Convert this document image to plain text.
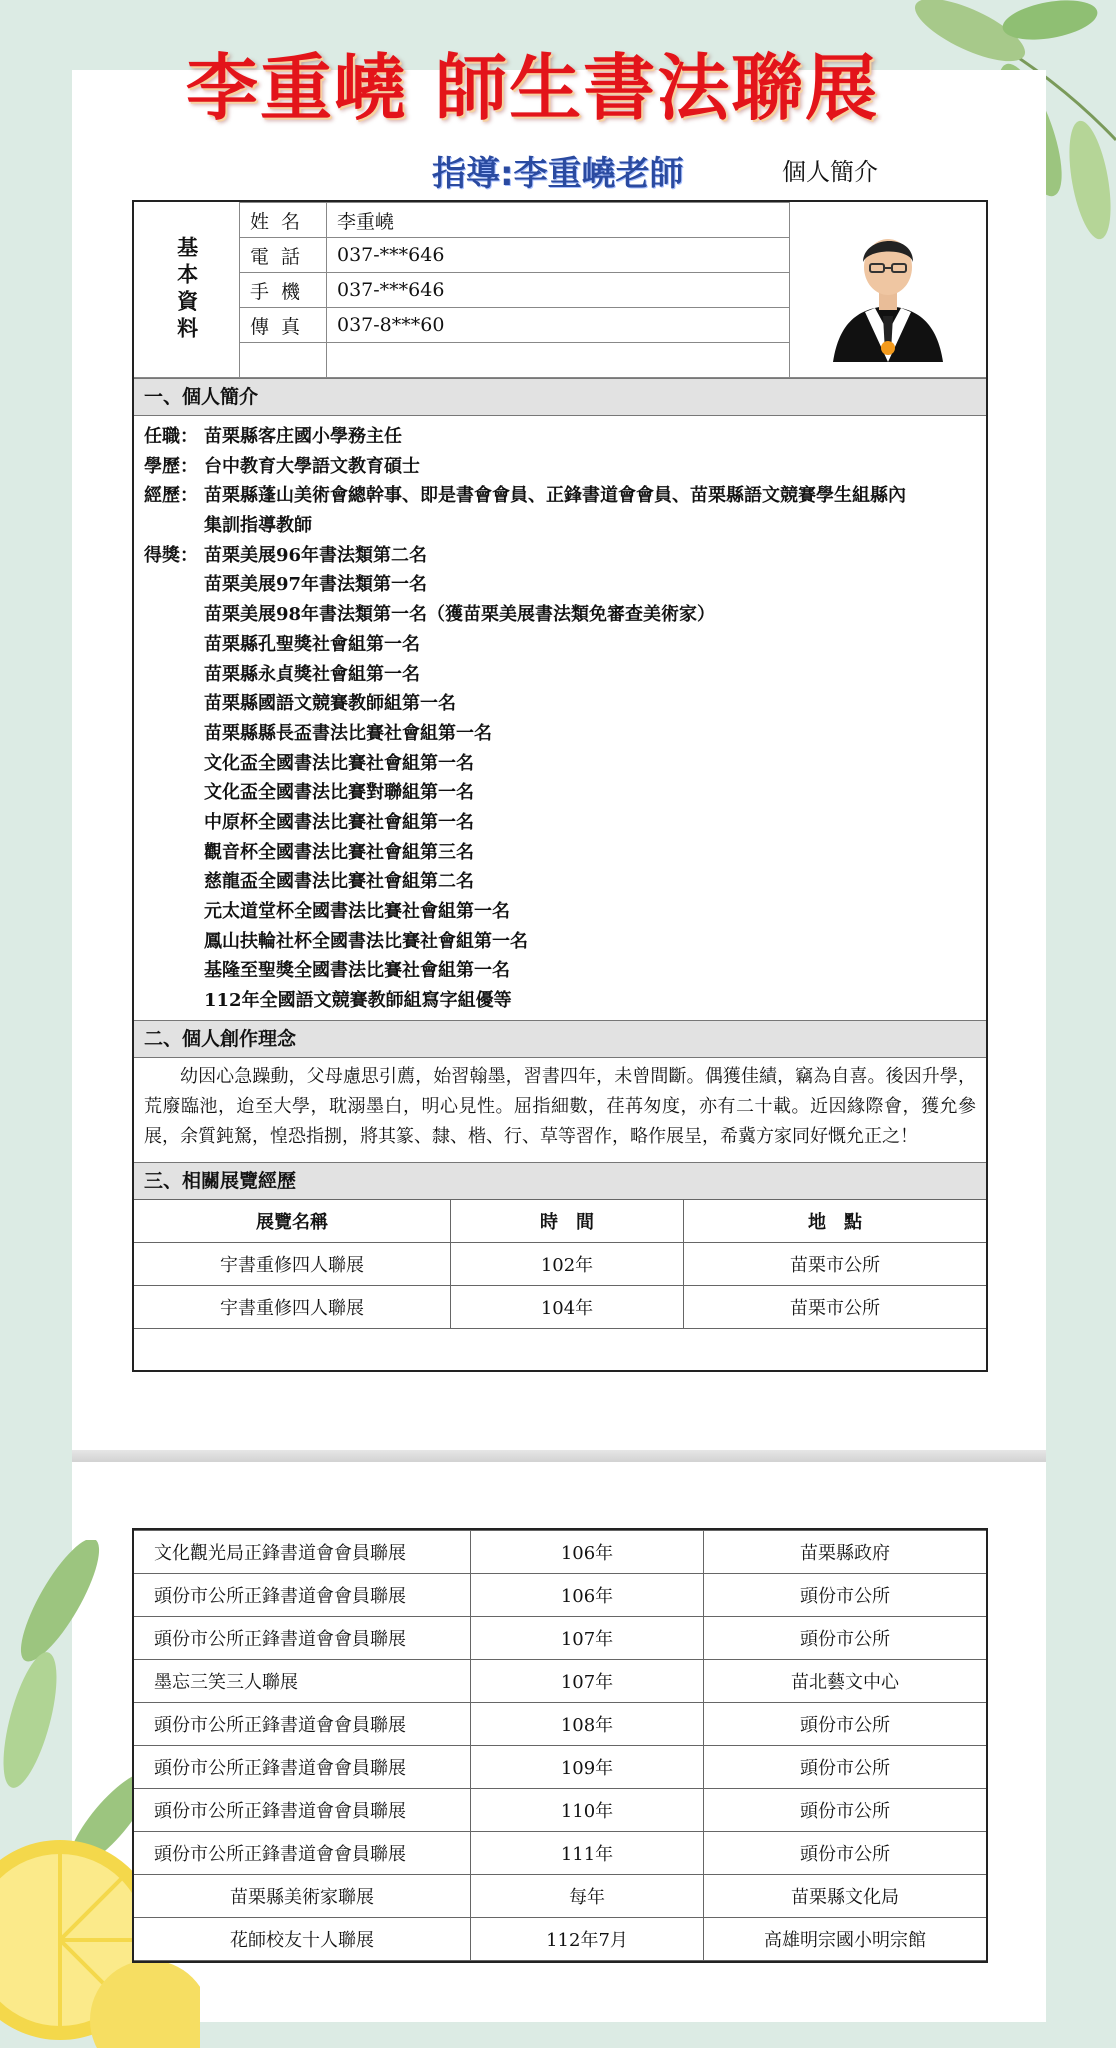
李重嶢 師生書法聯展
指導:李重嶢老師	個人簡介
基本資料	姓名	李重嶢	
	電話	037-***646	
	手機	037-***646	
	傳真	037-8***60	

一、個人簡介
任職： 苗栗縣客庄國小學務主任
學歷： 台中教育大學語文教育碩士
經歷： 苗栗縣蓬山美術會總幹事、即是書會會員、正鋒書道會會員、苗栗縣語文競賽學生組縣內
集訓指導教師
得獎： 苗栗美展96年書法類第二名
苗栗美展97年書法類第一名
苗栗美展98年書法類第一名（獲苗栗美展書法類免審查美術家）
苗栗縣孔聖獎社會組第一名
苗栗縣永貞獎社會組第一名
苗栗縣國語文競賽教師組第一名
苗栗縣縣長盃書法比賽社會組第一名
文化盃全國書法比賽社會組第一名
文化盃全國書法比賽對聯組第一名
中原杯全國書法比賽社會組第一名
觀音杯全國書法比賽社會組第三名
慈龍盃全國書法比賽社會組第二名
元太道堂杯全國書法比賽社會組第一名
鳳山扶輪社杯全國書法比賽社會組第一名
基隆至聖獎全國書法比賽社會組第一名
112年全國語文競賽教師組寫字組優等
二、個人創作理念
幼因心急躁動，父母慮思引薦，始習翰墨，習書四年，未曾間斷。偶獲佳績，竊為自喜。後因升學，荒廢臨池，迨至大學，耽溺墨白，明心見性。屈指細數，荏苒匆度，亦有二十載。近因緣際會，獲允參展，余質鈍駑，惶恐指捌，將其篆、隸、楷、行、草等習作，略作展呈，希冀方家同好慨允正之！
三、相關展覽經歷
展覽名稱	時　間	地　點
宇書重修四人聯展	102年	苗栗市公所
宇書重修四人聯展	104年	苗栗市公所
文化觀光局正鋒書道會會員聯展	106年	苗栗縣政府
頭份市公所正鋒書道會會員聯展	106年	頭份市公所
頭份市公所正鋒書道會會員聯展	107年	頭份市公所
墨忘三笑三人聯展	107年	苗北藝文中心
頭份市公所正鋒書道會會員聯展	108年	頭份市公所
頭份市公所正鋒書道會會員聯展	109年	頭份市公所
頭份市公所正鋒書道會會員聯展	110年	頭份市公所
頭份市公所正鋒書道會會員聯展	111年	頭份市公所
苗栗縣美術家聯展	每年	苗栗縣文化局
花師校友十人聯展	112年7月	高雄明宗國小明宗館
